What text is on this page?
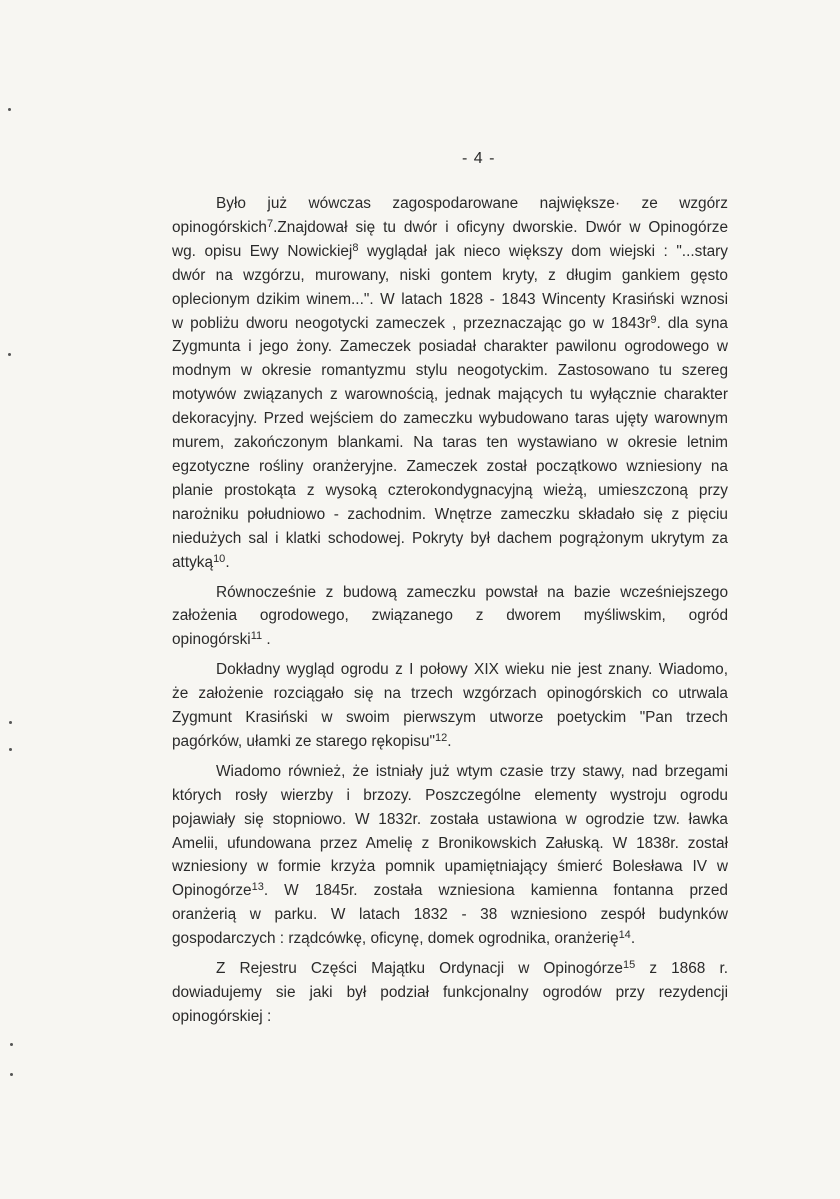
- 4 -
Było już wówczas zagospodarowane największe· ze wzgórz
opinogórskich$^7$.Znajdował się tu dwór i oficyny dworskie. Dwór w Opinogórze
wg. opisu Ewy Nowickiej$^8$ wyglądał jak nieco większy dom wiejski : "...stary
dwór na wzgórzu, murowany, niski gontem kryty, z długim gankiem gęsto
oplecionym dzikim winem...". W latach 1828 - 1843 Wincenty Krasiński wznosi
w pobliżu dworu neogotycki zameczek , przeznaczając go w $1843r^9$. dla syna
Zygmunta i jego żony. Zameczek posiadał charakter pawilonu ogrodowego w
modnym w okresie romantyzmu stylu neogotyckim. Zastosowano tu szereg
motywów związanych z warownością, jednak mających tu wyłącznie charakter
dekoracyjny. Przed wejściem do zameczku wybudowano taras ujęty warownym
murem, zakończonym blankami. Na taras ten wystawiano w okresie letnim
egzotyczne rośliny oranżeryjne. Zameczek został początkowo wzniesiony na
planie prostokąta z wysoką czterokondygnacyjną wieżą, umieszczoną przy
narożniku południowo - zachodnim. Wnętrze zameczku składało się z pięciu
niedużych sal i klatki schodowej. Pokryty był dachem pogrążonym ukrytym za
attyką$^{10}$.
Równocześnie z budową zameczku powstał na bazie wcześniejszego
założenia ogrodowego, związanego z dworem myśliwskim, ogród
opinogórski$^{11}$ .
Dokładny wygląd ogrodu z I połowy XIX wieku nie jest znany. Wiadomo,
że założenie rozciągało się na trzech wzgórzach opinogórskich co utrwala
Zygmunt Krasiński w swoim pierwszym utworze poetyckim "Pan trzech
pagórków, ułamki ze starego rękopisu"$^{12}$.
Wiadomo również, że istniały już wtym czasie trzy stawy, nad brzegami
których rosły wierzby i brzozy. Poszczególne elementy wystroju ogrodu
pojawiały się stopniowo. W 1832r. została ustawiona w ogrodzie tzw. ławka
Amelii, ufundowana przez Amelię z Bronikowskich Załuską. W 1838r. został
wzniesiony w formie krzyża pomnik upamiętniający śmierć Bolesława IV w
Opinogórze$^{13}$. W 1845r. została wzniesiona kamienna fontanna przed
oranżerią w parku. W latach 1832 - 38 wzniesiono zespół budynków
gospodarczych : rządcówkę, oficynę, domek ogrodnika, oranżerię$^{14}$.
Z Rejestru Części Majątku Ordynacji w Opinogórze$^{15}$ z 1868 r.
dowiadujemy sie jaki był podział funkcjonalny ogrodów przy rezydencji
opinogórskiej :
